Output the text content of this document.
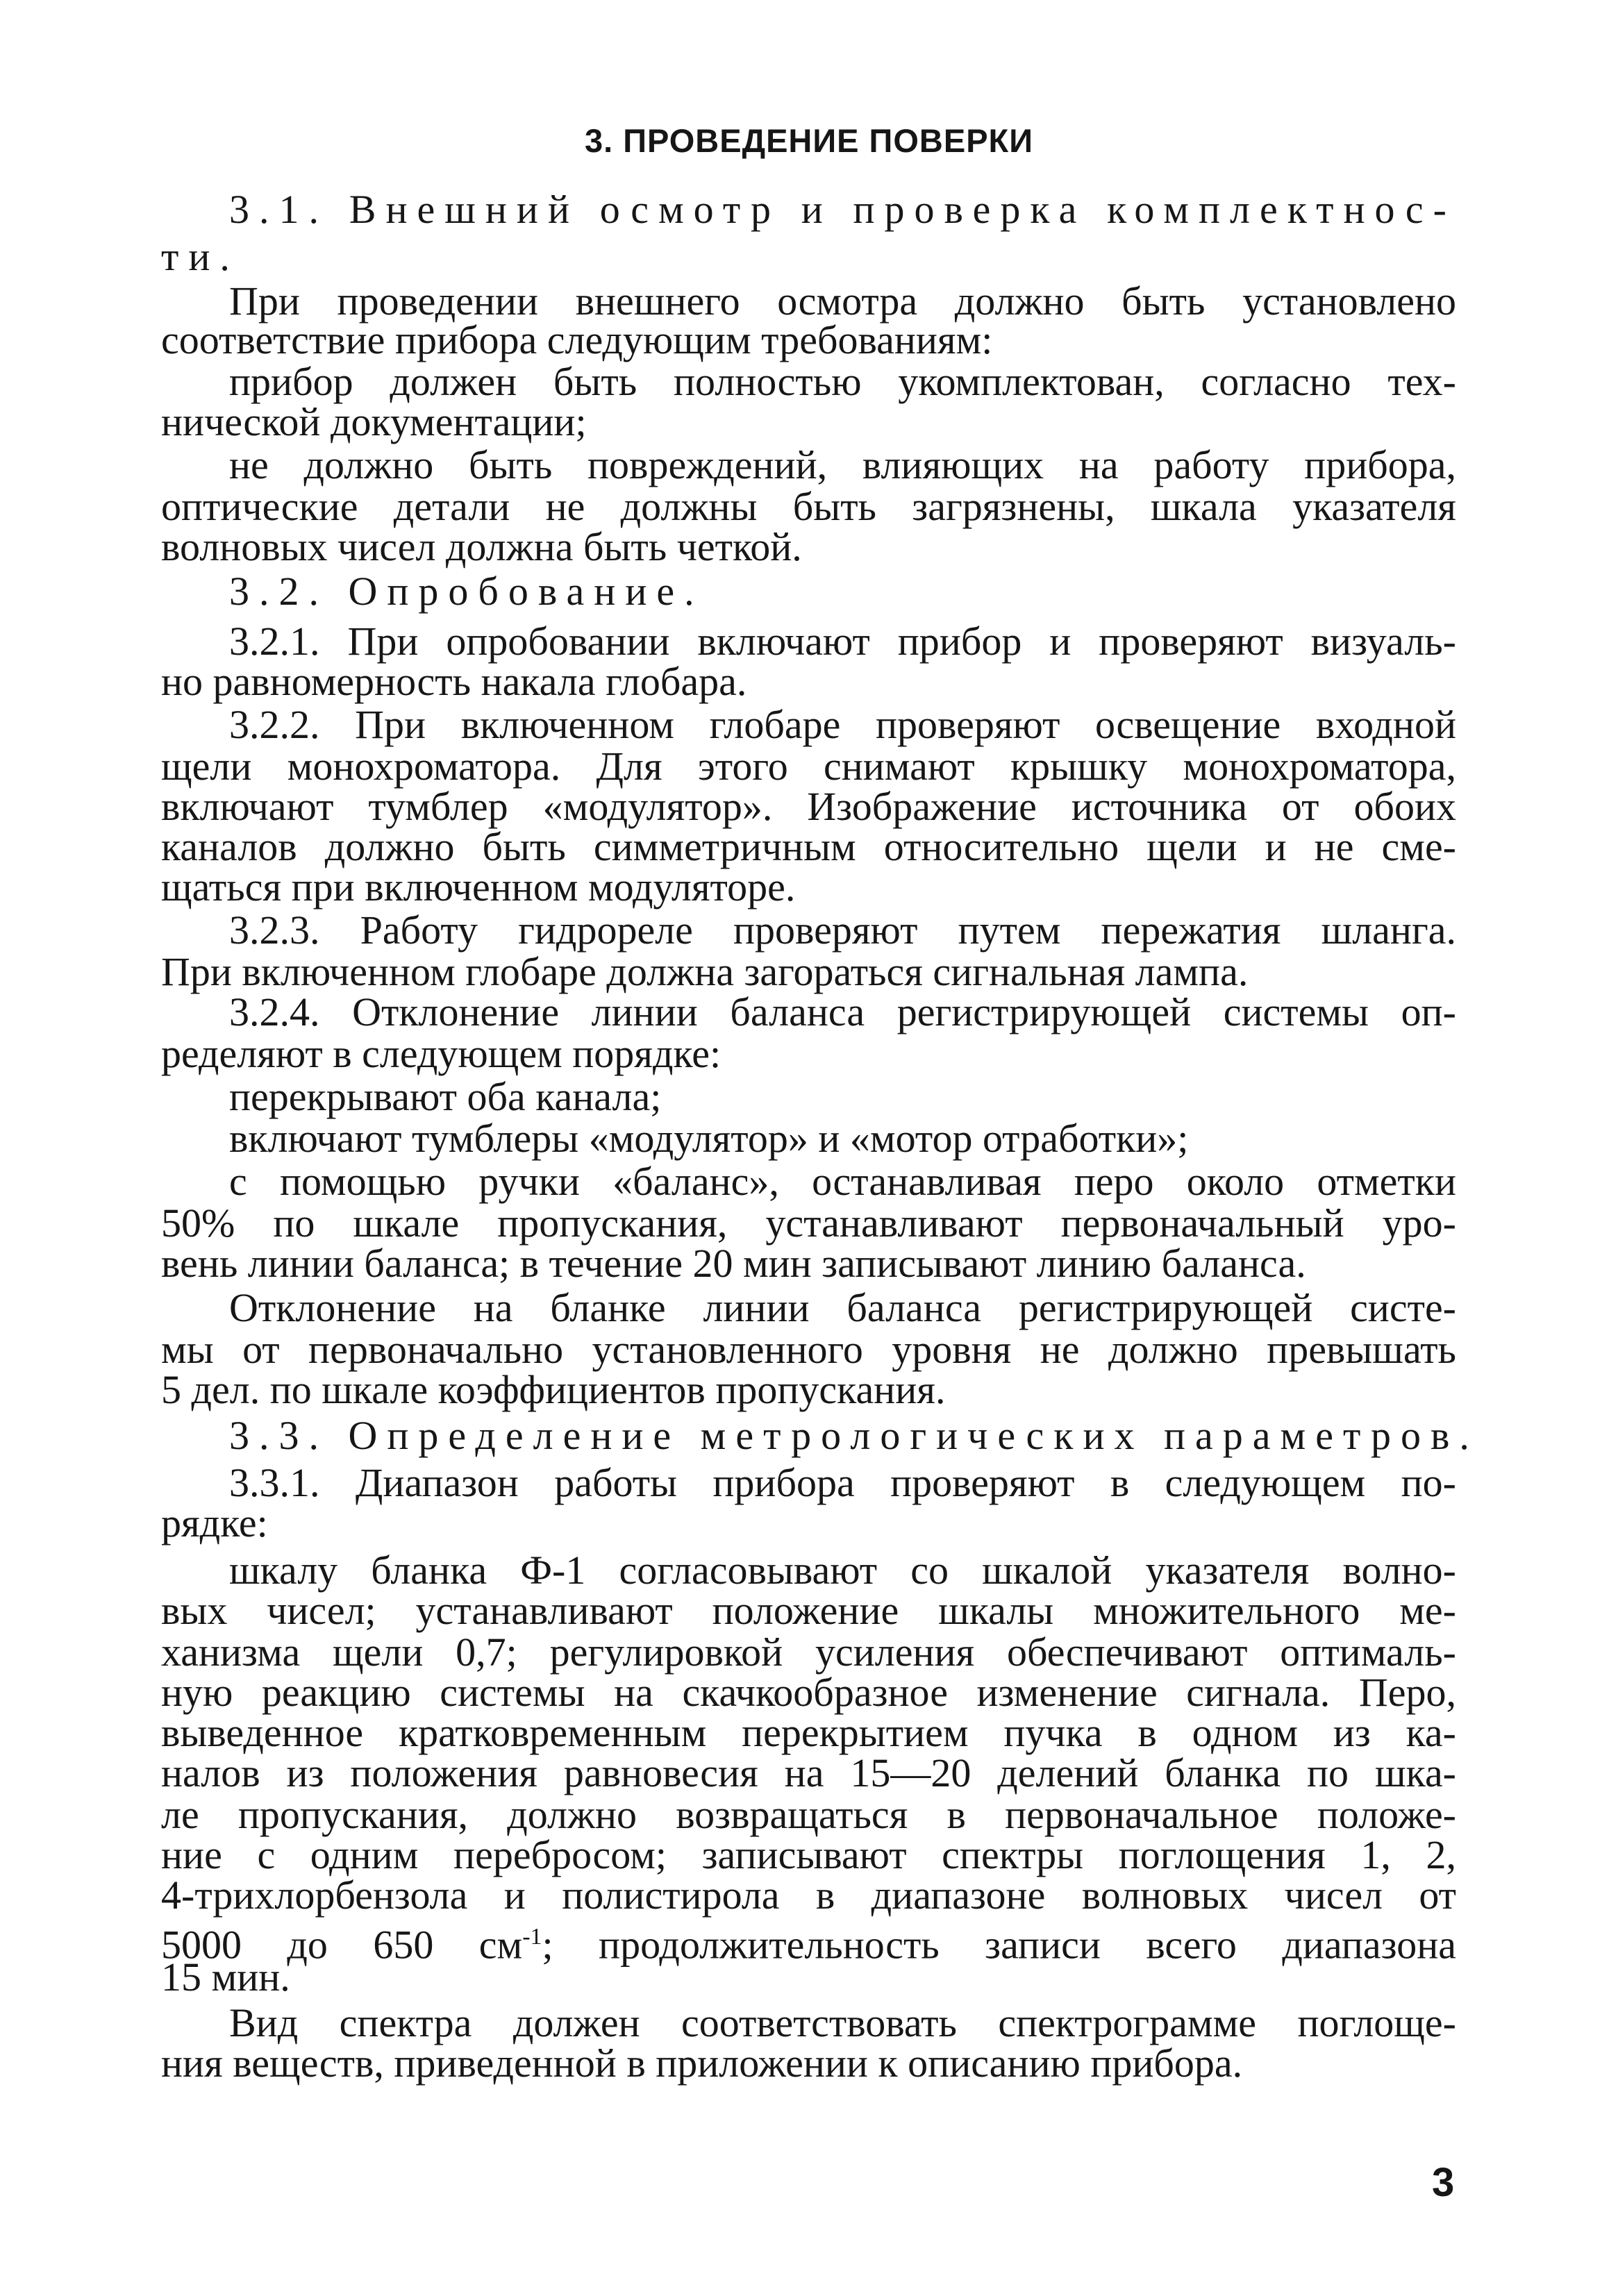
3. ПРОВЕДЕНИЕ ПОВЕРКИ

3.1. Внешний осмотр и проверка комплектнос-

ти.

При проведении внешнего осмотра должно быть установлено

соответствие прибора следующим требованиям:

прибор должен быть полностью укомплектован, согласно тех-

нической документации;

не должно быть повреждений, влияющих на работу прибора,

оптические детали не должны быть загрязнены, шкала указателя

волновых чисел должна быть четкой.

3.2. Опробование.

3.2.1. При опробовании включают прибор и проверяют визуаль-

но равномерность накала глобара.

3.2.2. При включенном глобаре проверяют освещение входной

щели монохроматора. Для этого снимают крышку монохроматора,

включают тумблер «модулятор». Изображение источника от обоих

каналов должно быть симметричным относительно щели и не сме-

щаться при включенном модуляторе.

3.2.3. Работу гидрореле проверяют путем пережатия шланга.

При включенном глобаре должна загораться сигнальная лампа.

3.2.4. Отклонение линии баланса регистрирующей системы оп-

ределяют в следующем порядке:

перекрывают оба канала;

включают тумблеры «модулятор» и «мотор отработки»;

с помощью ручки «баланс», останавливая перо около отметки

50% по шкале пропускания, устанавливают первоначальный уро-

вень линии баланса; в течение 20 мин записывают линию баланса.

Отклонение на бланке линии баланса регистрирующей систе-

мы от первоначально установленного уровня не должно превышать

5 дел. по шкале коэффициентов пропускания.

3.3. Определение метрологических параметров.

3.3.1. Диапазон работы прибора проверяют в следующем по-

рядке:

шкалу бланка Ф-1 согласовывают со шкалой указателя волно-

вых чисел; устанавливают положение шкалы множительного ме-

ханизма щели 0,7; регулировкой усиления обеспечивают оптималь-

ную реакцию системы на скачкообразное изменение сигнала. Перо,

выведенное кратковременным перекрытием пучка в одном из ка-

налов из положения равновесия на 15—20 делений бланка по шка-

ле пропускания, должно возвращаться в первоначальное положе-

ние с одним перебросом; записывают спектры поглощения 1, 2,

4-трихлорбензола и полистирола в диапазоне волновых чисел от

5000 до 650 $см^{-1}$; продолжительность записи всего диапазона

15 мин.

Вид спектра должен соответствовать спектрограмме поглоще-

ния веществ, приведенной в приложении к описанию прибора.

3
